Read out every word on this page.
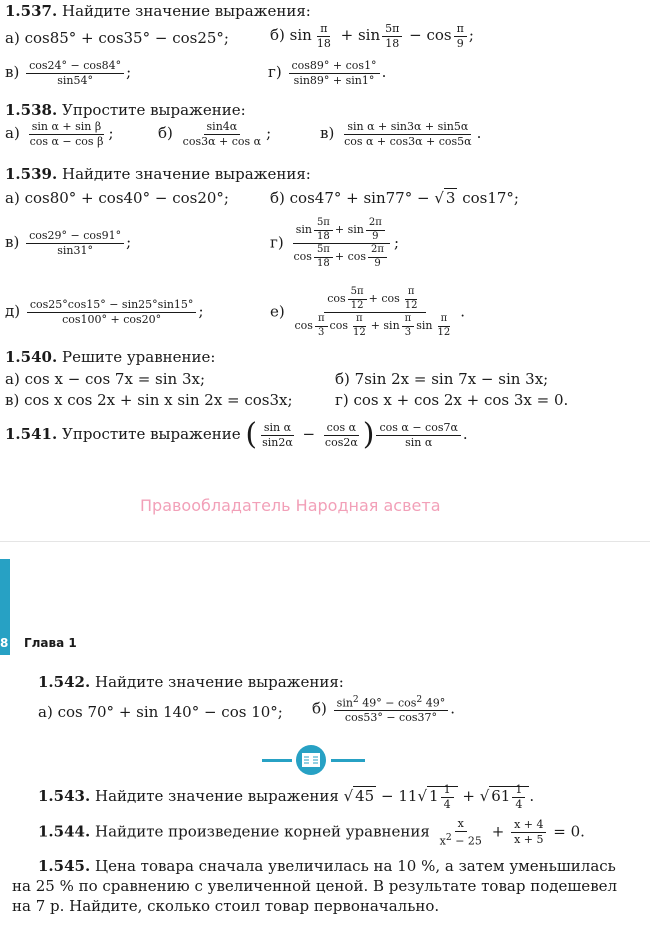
1.537. Найдите значение выражения:
а) cos85° + cos35° − cos25°;	б) $\sin \frac{\pi}{18} + \sin \frac{5\pi}{18} - \cos \frac{\pi}{9}$ ;
$в) \frac{\cos 24^\circ - \cos 84^\circ}{\sin 54^\circ}$ ;	$г) \frac{\cos 89^\circ + \cos 1^\circ}{\sin 89^\circ + \sin 1^\circ}$ .
1.538. Упростите выражение:
$а) \frac{\text{sin α + sin β}}{\text{cos α − cos β}}$ ;	$б) \frac{\sin 4\alpha}{\text{cos3α + cos α}}$ ;	$в) \frac{\text{sin α + sin3α + sin5α}}{\text{cos α + cos3α + cos5α}}$ .
1.539. Найдите значение выражения:
а) cos80° + cos40° − cos20°;	б) cos47° + sin77° − √ 3 cos17°;
$в) \frac{\cos 29^\circ - \cos 91^\circ}{\sin 31^\circ}$ ;	$г) \frac{\sin \frac{5\pi}{18} + \sin \frac{2\pi}{9}}{\cos \frac{5\pi}{18} + \cos \frac{2\pi}{9}}$ ;
$д) \frac{\cos 25^\circ\cos 15^\circ - \sin 25^\circ\sin 15^\circ}{\cos 100^\circ + \cos 20^\circ}$ ;	$е) \frac{\cos \frac{5\pi}{12} + \cos \frac{\pi}{12}}{\cos \frac{\pi}{3} \cos \frac{\pi}{12} + \sin \frac{\pi}{3} \sin \frac{\pi}{12}}$ .
1.540. Решите уравнение:
а) cos x − cos 7x = sin 3x;	б) 7sin 2x = sin 7x − sin 3x;
в) cos x cos 2x + sin x sin 2x = cos3x;	г) cos x + cos 2x + cos 3x = 0.
1.541. Упростите выражение ( $\frac{\text{sin α}}{\sin 2\alpha} - \frac{\text{cos α}}{\cos 2\alpha}$ ) $\frac{\text{cos α − cos7α}}{\text{sin α}}$ .
Правообладатель Народная асвета
8 Глава 1
1.542. Найдите значение выражения:
а) cos 70° + sin 140° − cos 10°; $б) \frac{\sin^2 49^\circ - \cos^2 49^\circ}{\cos 53^\circ - \cos 37^\circ}$ .
1.543. Найдите значение выражения √ 45 − 11√ $1 \frac{1}{4}$ + √ $61 \frac{1}{4}$ .
1.544. Найдите произведение корней уравнения $\frac{x}{x^2 - 25} + \frac{x + 4}{x + 5} = 0$.
1.545. Цена товара сначала увеличилась на 10 %, а затем уменьшилась
на 25 % по сравнению с увеличенной ценой. В результате товар подешевел
на 7 р. Найдите, сколько стоил товар первоначально.
